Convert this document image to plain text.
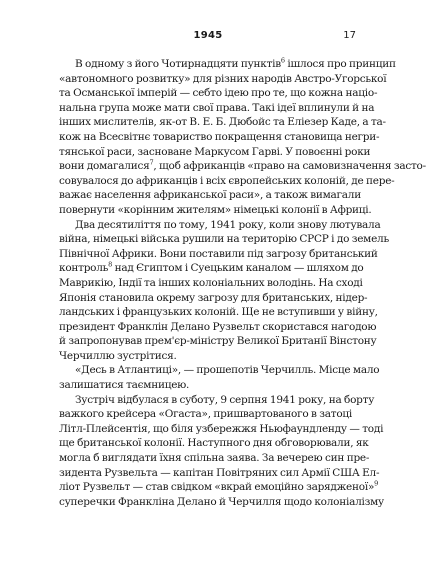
1945	17
В одному з його Чотирнадцяти пунктів$^6$ ішлося про принцип
«автономного розвитку» для різних народів Австро-Угорської
та Османської імперій — себто ідею про те, що кожна націо-
нальна група може мати свої права. Такі ідеї вплинули й на
інших мислителів, як-от В. Е. Б. Дюбойс та Еліезер Каде, а та-
кож на Всесвітнє товариство покращення становища негри-
тянської раси, засноване Маркусом Гарві. У повоєнні роки
вони домагалися$^7$, щоб африканців «право на самовизначення засто-
совувалося до африканців і всіх європейських колоній, де пере-
важає населення африканської раси», а також вимагали
повернути «корінним жителям» німецькі колонії в Африці.
Два десятиліття по тому, 1941 року, коли знову лютувала
війна, німецькі війська рушили на територію СРСР і до земель
Північної Африки. Вони поставили під загрозу британський
контроль$^8$ над Єгиптом і Суецьким каналом — шляхом до
Маврикію, Індії та інших колоніальних володінь. На сході
Японія становила окрему загрозу для британських, нідер-
ландських і французьких колоній. Ще не вступивши у війну,
президент Франклін Делано Рузвельт скористався нагодою
й запропонував прем'єр-міністру Великої Британії Вінстону
Черчиллю зустрітися.
«Десь в Атлантиці», — прошепотів Черчилль. Місце мало
залишатися таємницею.
Зустріч відбулася в суботу, 9 серпня 1941 року, на борту
важкого крейсера «Огаста», пришвартованого в затоці
Літл-Плейсентія, що біля узбережжя Ньюфаундленду — тоді
ще британської колонії. Наступного дня обговорювали, як
могла б виглядати їхня спільна заява. За вечерею син пре-
зидента Рузвельта — капітан Повітряних сил Армії США Ел-
ліот Рузвельт — став свідком «вкрай емоційно зарядженої»$^9$
суперечки Франкліна Делано й Черчилля щодо колоніалізму
